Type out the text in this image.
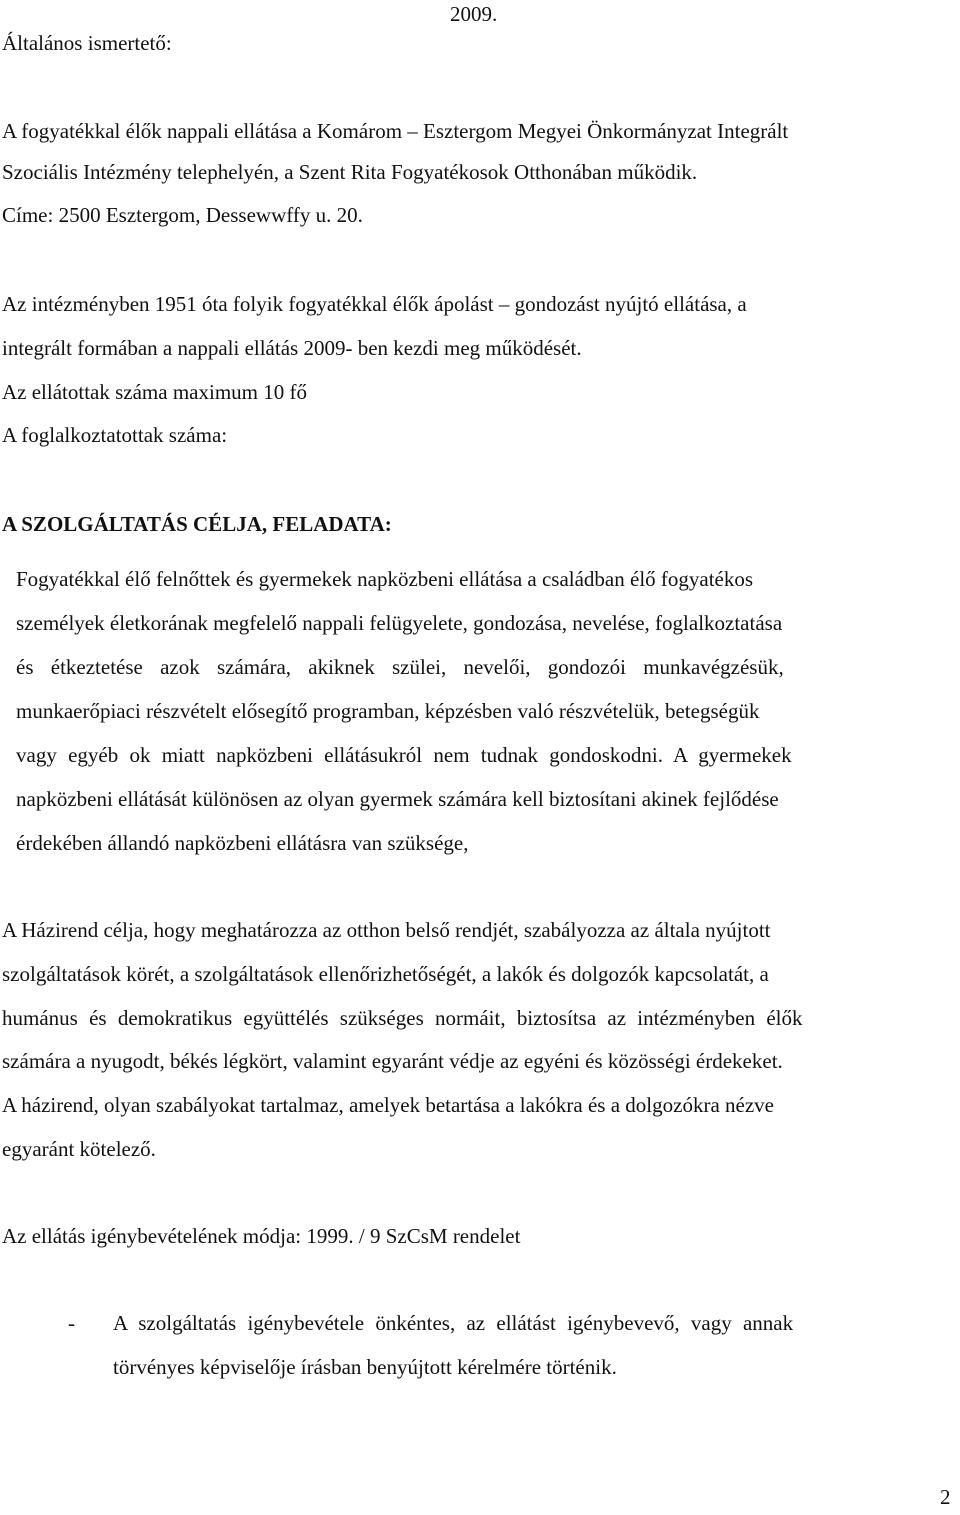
2009.
Általános ismertető:
A fogyatékkal élők nappali ellátása a Komárom – Esztergom Megyei Önkormányzat Integrált
Szociális Intézmény telephelyén, a Szent Rita Fogyatékosok Otthonában működik.
Címe: 2500 Esztergom, Dessewwffy u. 20.
Az intézményben 1951 óta folyik fogyatékkal élők ápolást – gondozást nyújtó ellátása, a
integrált formában a nappali ellátás 2009- ben kezdi meg működését.
Az ellátottak száma maximum 10 fő
A foglalkoztatottak száma:
A SZOLGÁLTATÁS CÉLJA, FELADATA:
Fogyatékkal élő felnőttek és gyermekek napközbeni ellátása a családban élő fogyatékos
személyek életkorának megfelelő nappali felügyelete, gondozása, nevelése, foglalkoztatása
és étkeztetése azok számára, akiknek szülei, nevelői, gondozói munkavégzésük,
munkaerőpiaci részvételt elősegítő programban, képzésben való részvételük, betegségük
vagy egyéb ok miatt napközbeni ellátásukról nem tudnak gondoskodni. A gyermekek
napközbeni ellátását különösen az olyan gyermek számára kell biztosítani akinek fejlődése
érdekében állandó napközbeni ellátásra van szüksége,
A Házirend célja, hogy meghatározza az otthon belső rendjét, szabályozza az általa nyújtott
szolgáltatások körét, a szolgáltatások ellenőrizhetőségét, a lakók és dolgozók kapcsolatát, a
humánus és demokratikus együttélés szükséges normáit, biztosítsa az intézményben élők
számára a nyugodt, békés légkört, valamint egyaránt védje az egyéni és közösségi érdekeket.
A házirend, olyan szabályokat tartalmaz, amelyek betartása a lakókra és a dolgozókra nézve
egyaránt kötelező.
Az ellátás igénybevételének módja: 1999. / 9 SzCsM rendelet
- A szolgáltatás igénybevétele önkéntes, az ellátást igénybevevő, vagy annak
törvényes képviselője írásban benyújtott kérelmére történik.
2
